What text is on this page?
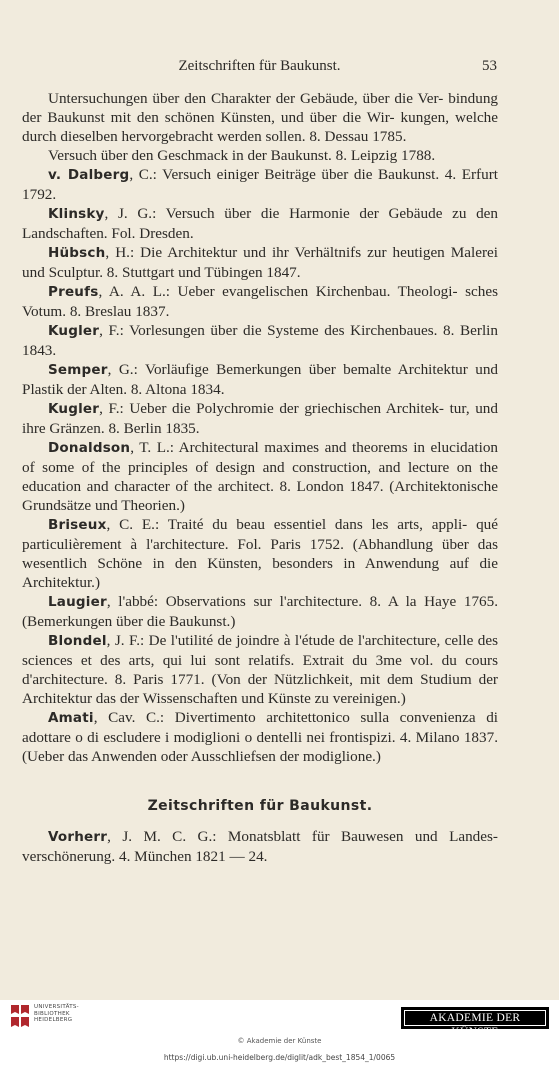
Zeitschriften für Baukunst.	53

Untersuchungen über den Charakter der Gebäude, über die Ver- bindung der Baukunst mit den schönen Künsten, und über die Wir- kungen, welche durch dieselben hervorgebracht werden sollen. 8. Dessau 1785.

Versuch über den Geschmack in der Baukunst. 8. Leipzig 1788.

v. Dalberg, C.: Versuch einiger Beiträge über die Baukunst. 4. Erfurt 1792.

Klinsky, J. G.: Versuch über die Harmonie der Gebäude zu den Landschaften. Fol. Dresden.

Hübsch, H.: Die Architektur und ihr Verhältnifs zur heutigen Malerei und Sculptur. 8. Stuttgart und Tübingen 1847.

Preufs, A. A. L.: Ueber evangelischen Kirchenbau. Theologi- sches Votum. 8. Breslau 1837.

Kugler, F.: Vorlesungen über die Systeme des Kirchenbaues. 8. Berlin 1843.

Semper, G.: Vorläufige Bemerkungen über bemalte Architektur und Plastik der Alten. 8. Altona 1834.

Kugler, F.: Ueber die Polychromie der griechischen Architek- tur, und ihre Gränzen. 8. Berlin 1835.

Donaldson, T. L.: Architectural maximes and theorems in elucidation of some of the principles of design and construction, and lecture on the education and character of the architect. 8. London 1847. (Architektonische Grundsätze und Theorien.)

Briseux, C. E.: Traité du beau essentiel dans les arts, appli- qué particulièrement à l'architecture. Fol. Paris 1752. (Abhandlung über das wesentlich Schöne in den Künsten, besonders in Anwendung auf die Architektur.)

Laugier, l'abbé: Observations sur l'architecture. 8. A la Haye 1765. (Bemerkungen über die Baukunst.)

Blondel, J. F.: De l'utilité de joindre à l'étude de l'architecture, celle des sciences et des arts, qui lui sont relatifs. Extrait du 3me vol. du cours d'architecture. 8. Paris 1771. (Von der Nützlichkeit, mit dem Studium der Architektur das der Wissenschaften und Künste zu vereinigen.)

Amati, Cav. C.: Divertimento architettonico sulla convenienza di adottare o di escludere i modiglioni o dentelli nei frontispizi. 4. Milano 1837. (Ueber das Anwenden oder Ausschliefsen der modiglione.)

Zeitschriften für Baukunst.

Vorherr, J. M. C. G.: Monatsblatt für Bauwesen und Landes- verschönerung. 4. München 1821 — 24.

UNIVERSITÄTS-
BIBLIOTHEK
HEIDELBERG	AKADEMIE DER KÜNSTE
© Akademie der Künste
https://digi.ub.uni-heidelberg.de/diglit/adk_best_1854_1/0065
